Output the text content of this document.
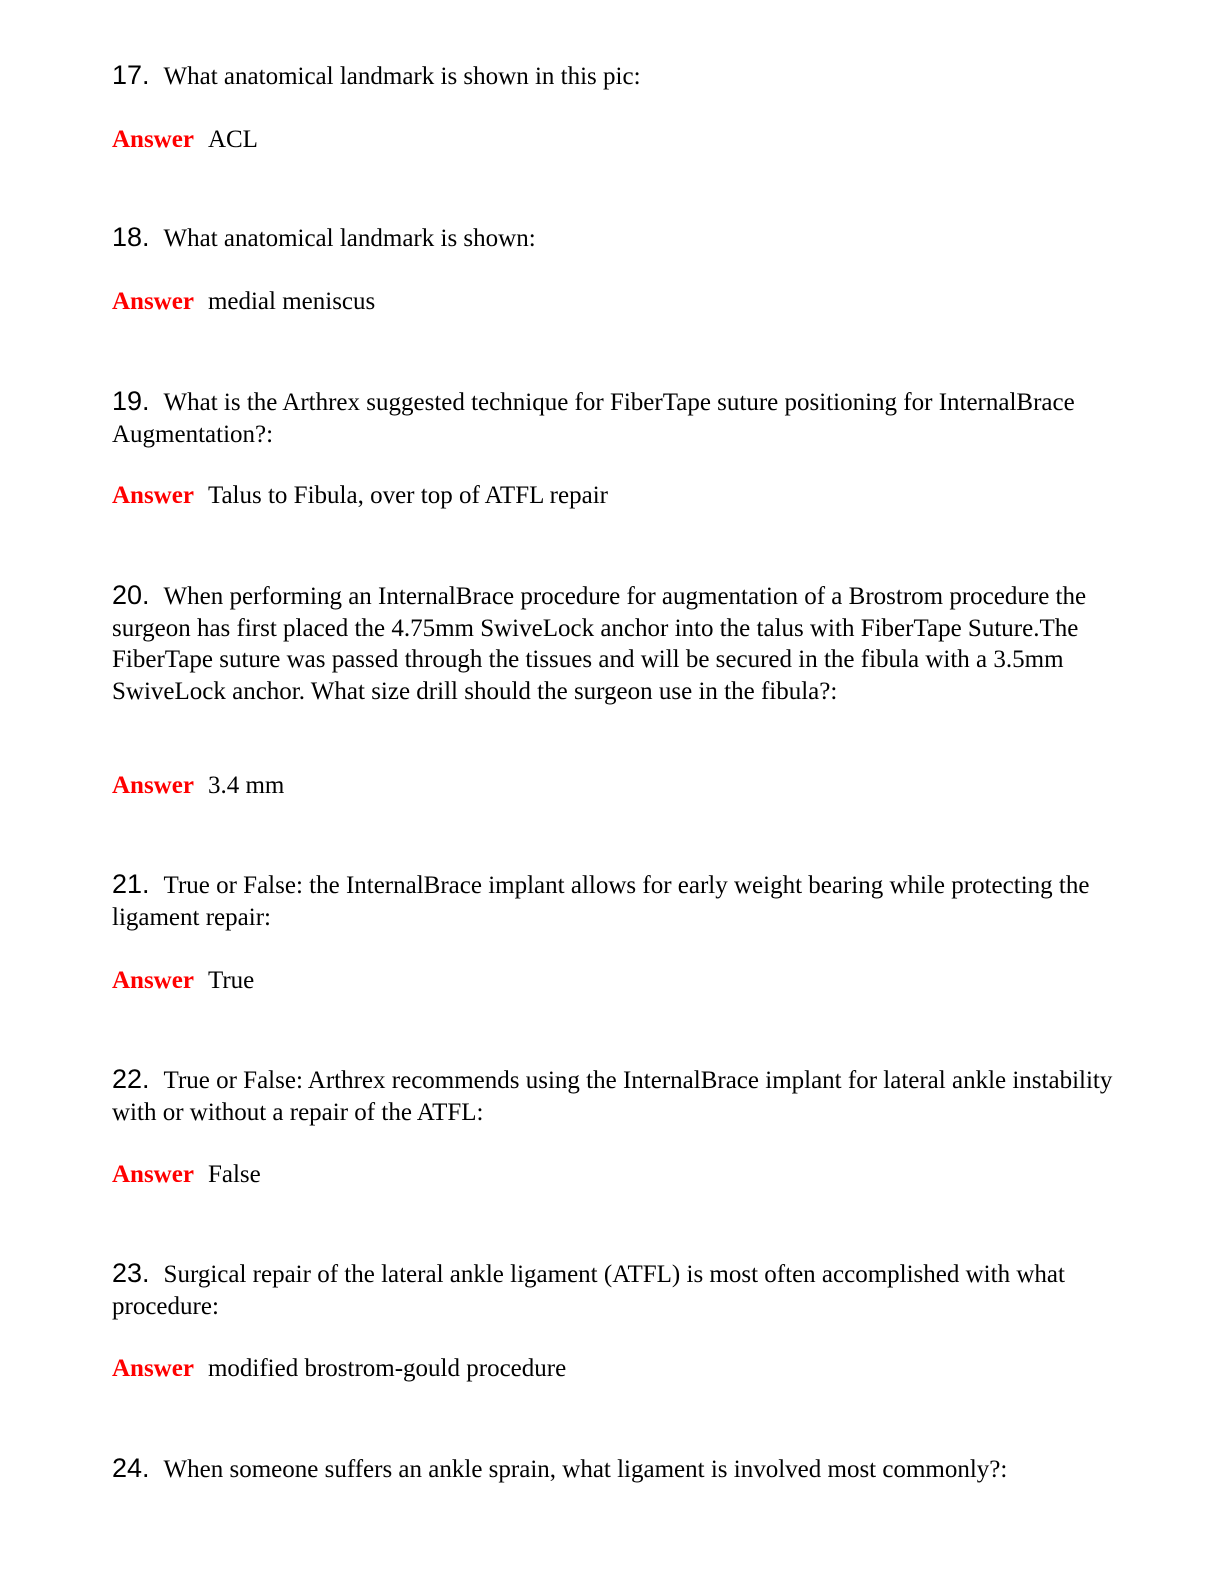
17. What anatomical landmark is shown in this pic:

Answer ACL

18. What anatomical landmark is shown:

Answer medial meniscus

19. What is the Arthrex suggested technique for FiberTape suture positioning for InternalBrace Augmentation?:

Answer Talus to Fibula, over top of ATFL repair

20. When performing an InternalBrace procedure for augmentation of a Brostrom procedure the surgeon has first placed the 4.75mm SwiveLock anchor into the talus with FiberTape Suture.The FiberTape suture was passed through the tissues and will be secured in the fibula with a 3.5mm SwiveLock anchor. What size drill should the surgeon use in the fibula?:

Answer 3.4 mm

21. True or False: the InternalBrace implant allows for early weight bearing while protecting the ligament repair:

Answer True

22. True or False: Arthrex recommends using the InternalBrace implant for lateral ankle instability with or without a repair of the ATFL:

Answer False

23. Surgical repair of the lateral ankle ligament (ATFL) is most often accomplished with what procedure:

Answer modified brostrom-gould procedure

24. When someone suffers an ankle sprain, what ligament is involved most commonly?:
